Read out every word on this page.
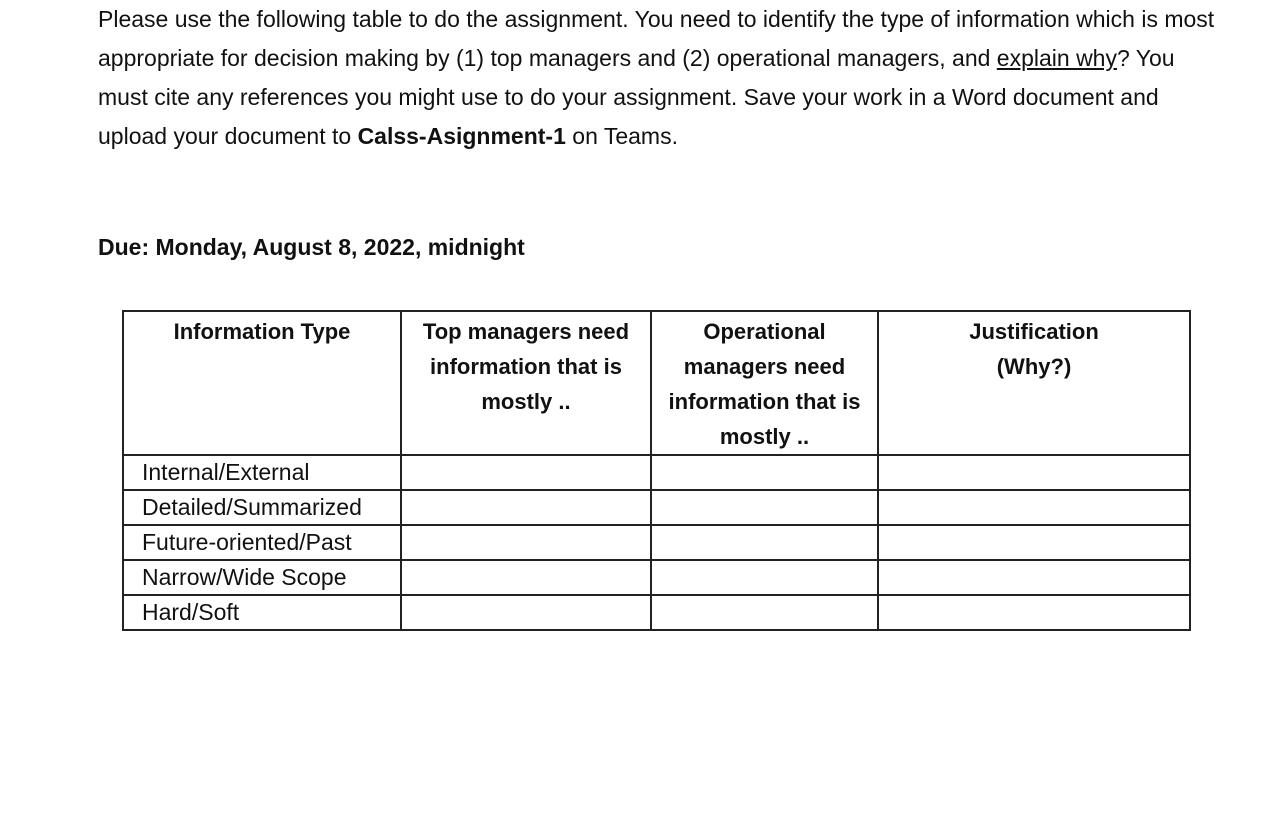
Please use the following table to do the assignment. You need to identify the type of information which is most appropriate for decision making by (1) top managers and (2) operational managers, and explain why? You must cite any references you might use to do your assignment. Save your work in a Word document and upload your document to Calss-Asignment-1 on Teams.

Due: Monday, August 8, 2022, midnight

Information Type	Top managers need information that is mostly ..	Operational managers need information that is mostly ..	Justification
(Why?)

Internal/External			
Detailed/Summarized			
Future-oriented/Past			
Narrow/Wide Scope			
Hard/Soft			
